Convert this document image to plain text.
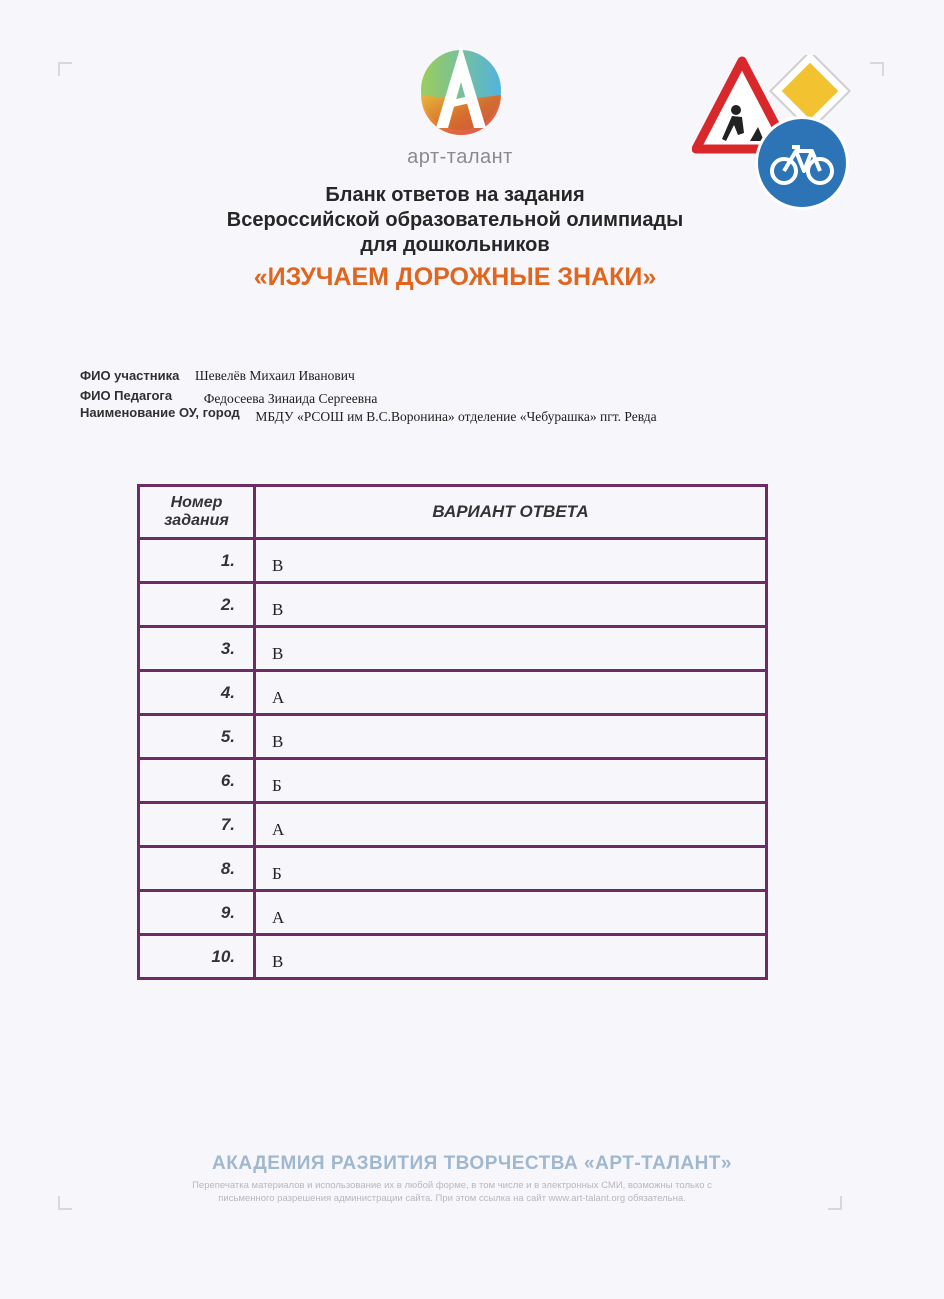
арт-талант
Бланк ответов на задания
Всероссийской образовательной олимпиады
для дошкольников
«ИЗУЧАЕМ ДОРОЖНЫЕ ЗНАКИ»
ФИО участника Шевелёв Михаил Иванович
ФИО Педагога Федосеева Зинаида Сергеевна
Наименование ОУ, город МБДУ «РСОШ им В.С.Воронина» отделение «Чебурашка» пгт. Ревда
Номер
задания	ВАРИАНТ ОТВЕТА
1.	В
2.	В
3.	В
4.	А
5.	В
6.	Б
7.	А
8.	Б
9.	А
10.	В
АКАДЕМИЯ РАЗВИТИЯ ТВОРЧЕСТВА «АРТ-ТАЛАНТ»
Перепечатка материалов и использование их в любой форме, в том числе и в электронных СМИ, возможны только с
письменного разрешения администрации сайта. При этом ссылка на сайт www.art-talant.org обязательна.
